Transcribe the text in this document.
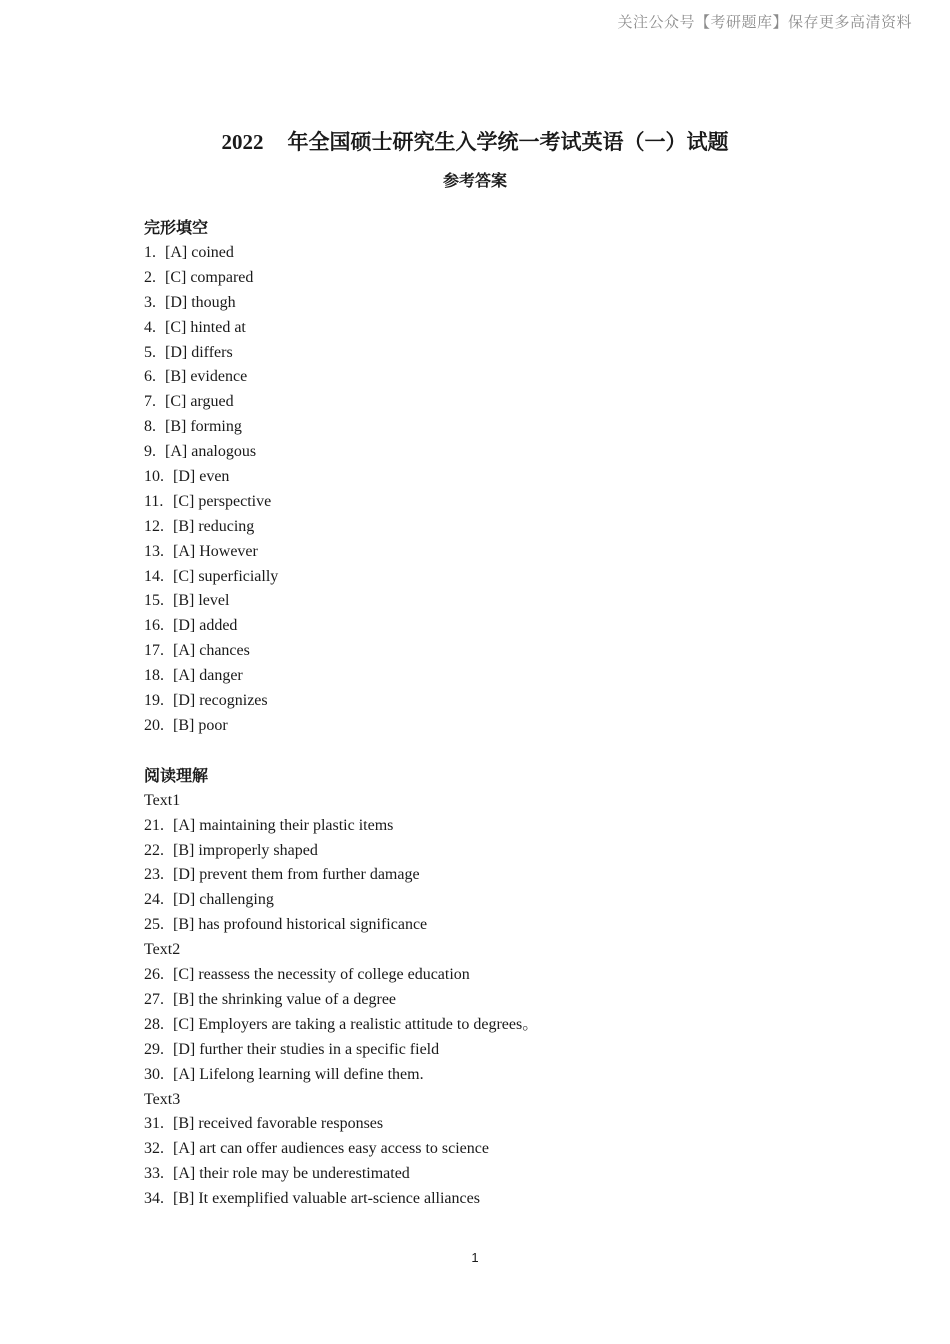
关注公众号【考研题库】保存更多高清资料
2022 年全国硕士研究生入学统一考试英语（一）试题
参考答案
完形填空
1. [A] coined
2. [C] compared
3. [D] though
4. [C] hinted at
5. [D] differs
6. [B] evidence
7. [C] argued
8. [B] forming
9. [A] analogous
10. [D] even
11. [C] perspective
12. [B] reducing
13. [A] However
14. [C] superficially
15. [B] level
16. [D] added
17. [A] chances
18. [A] danger
19. [D] recognizes
20. [B] poor
阅读理解
Text1
21. [A] maintaining their plastic items
22. [B] improperly shaped
23. [D] prevent them from further damage
24. [D] challenging
25. [B] has profound historical significance
Text2
26. [C] reassess the necessity of college education
27. [B] the shrinking value of a degree
28. [C] Employers are taking a realistic attitude to degrees。
29. [D] further their studies in a specific field
30. [A] Lifelong learning will define them.
Text3
31. [B] received favorable responses
32. [A] art can offer audiences easy access to science
33. [A] their role may be underestimated
34. [B] It exemplified valuable art-science alliances
1
